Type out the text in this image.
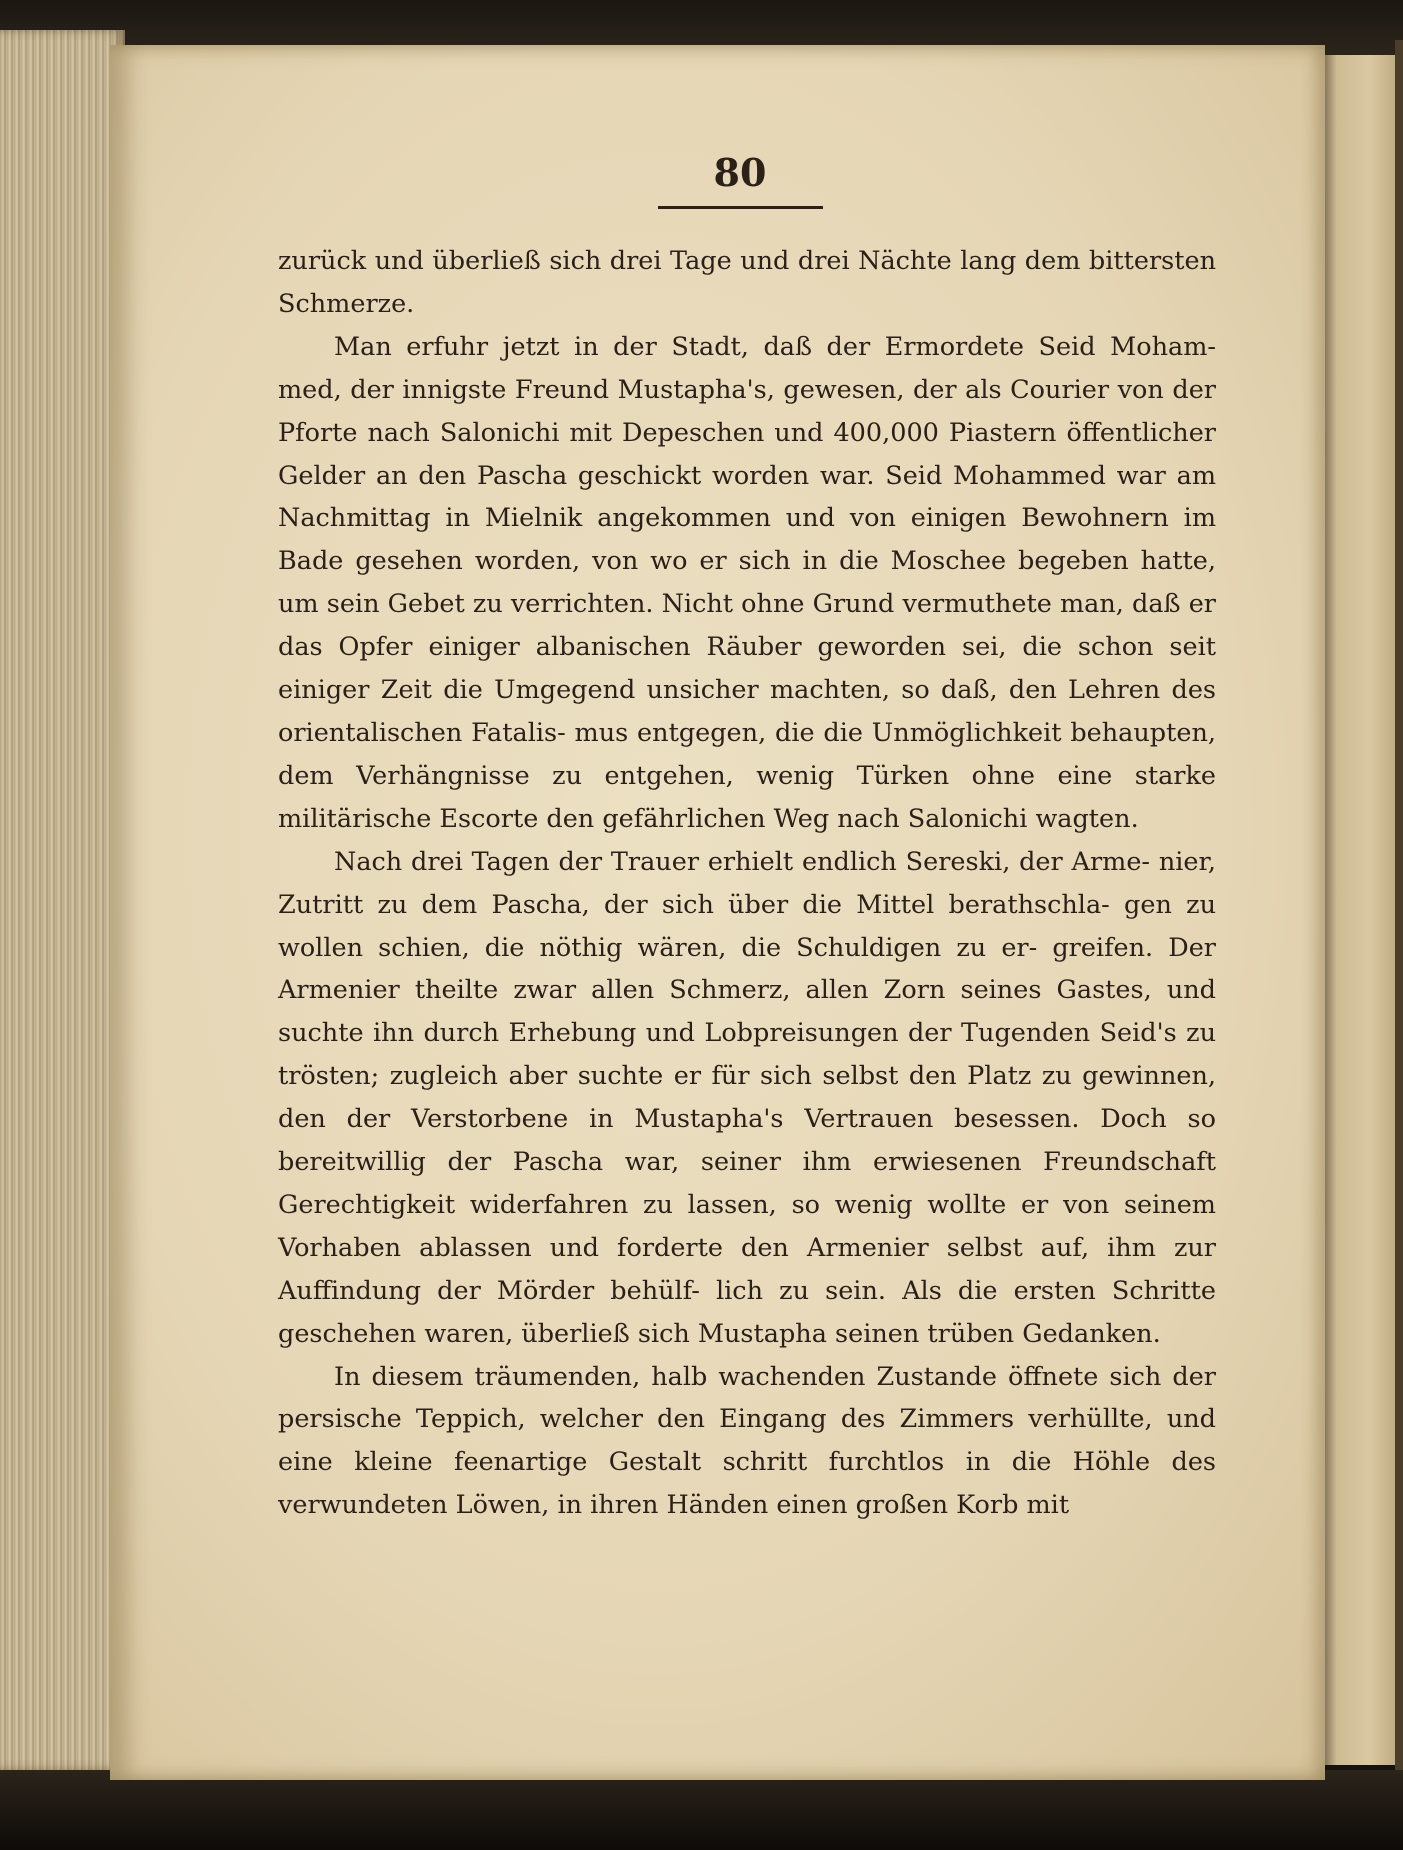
80

zurück und überließ sich drei Tage und drei Nächte lang dem bittersten Schmerze.

Man erfuhr jetzt in der Stadt, daß der Ermordete Seid Moham- med, der innigste Freund Mustapha's, gewesen, der als Courier von der Pforte nach Salonichi mit Depeschen und 400,000 Piastern öffentlicher Gelder an den Pascha geschickt worden war. Seid Mohammed war am Nachmittag in Mielnik angekommen und von einigen Bewohnern im Bade gesehen worden, von wo er sich in die Moschee begeben hatte, um sein Gebet zu verrichten. Nicht ohne Grund vermuthete man, daß er das Opfer einiger albanischen Räuber geworden sei, die schon seit einiger Zeit die Umgegend unsicher machten, so daß, den Lehren des orientalischen Fatalis- mus entgegen, die die Unmöglichkeit behaupten, dem Verhängnisse zu entgehen, wenig Türken ohne eine starke militärische Escorte den gefährlichen Weg nach Salonichi wagten.

Nach drei Tagen der Trauer erhielt endlich Sereski, der Arme- nier, Zutritt zu dem Pascha, der sich über die Mittel berathschla- gen zu wollen schien, die nöthig wären, die Schuldigen zu er- greifen. Der Armenier theilte zwar allen Schmerz, allen Zorn seines Gastes, und suchte ihn durch Erhebung und Lobpreisungen der Tugenden Seid's zu trösten; zugleich aber suchte er für sich selbst den Platz zu gewinnen, den der Verstorbene in Mustapha's Vertrauen besessen. Doch so bereitwillig der Pascha war, seiner ihm erwiesenen Freundschaft Gerechtigkeit widerfahren zu lassen, so wenig wollte er von seinem Vorhaben ablassen und forderte den Armenier selbst auf, ihm zur Auffindung der Mörder behülf- lich zu sein. Als die ersten Schritte geschehen waren, überließ sich Mustapha seinen trüben Gedanken.

In diesem träumenden, halb wachenden Zustande öffnete sich der persische Teppich, welcher den Eingang des Zimmers verhüllte, und eine kleine feenartige Gestalt schritt furchtlos in die Höhle des verwundeten Löwen, in ihren Händen einen großen Korb mit
